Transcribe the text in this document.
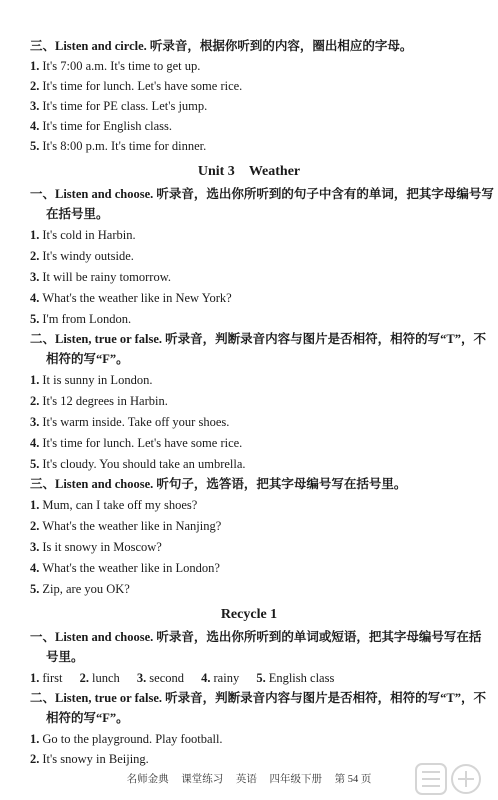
三、Listen and circle. 听录音，根据你听到的内容，圈出相应的字母。
1. It's 7:00 a.m. It's time to get up.
2. It's time for lunch. Let's have some rice.
3. It's time for PE class. Let's jump.
4. It's time for English class.
5. It's 8:00 p.m. It's time for dinner.
Unit 3 Weather
一、Listen and choose. 听录音，选出你所听到的句子中含有的单词，把其字母编号写
在括号里。
1. It's cold in Harbin.
2. It's windy outside.
3. It will be rainy tomorrow.
4. What's the weather like in New York?
5. I'm from London.
二、Listen, true or false. 听录音，判断录音内容与图片是否相符，相符的写“T”，不
相符的写“F”。
1. It is sunny in London.
2. It's 12 degrees in Harbin.
3. It's warm inside. Take off your shoes.
4. It's time for lunch. Let's have some rice.
5. It's cloudy. You should take an umbrella.
三、Listen and choose. 听句子，选答语，把其字母编号写在括号里。
1. Mum, can I take off my shoes?
2. What's the weather like in Nanjing?
3. Is it snowy in Moscow?
4. What's the weather like in London?
5. Zip, are you OK?
Recycle 1
一、Listen and choose. 听录音，选出你所听到的单词或短语，把其字母编号写在括
号里。
1. first 2. lunch 3. second 4. rainy 5. English class
二、Listen, true or false. 听录音，判断录音内容与图片是否相符，相符的写“T”，不
相符的写“F”。
1. Go to the playground. Play football.
2. It's snowy in Beijing.
名师金典 课堂练习 英语 四年级下册 第 54 页
